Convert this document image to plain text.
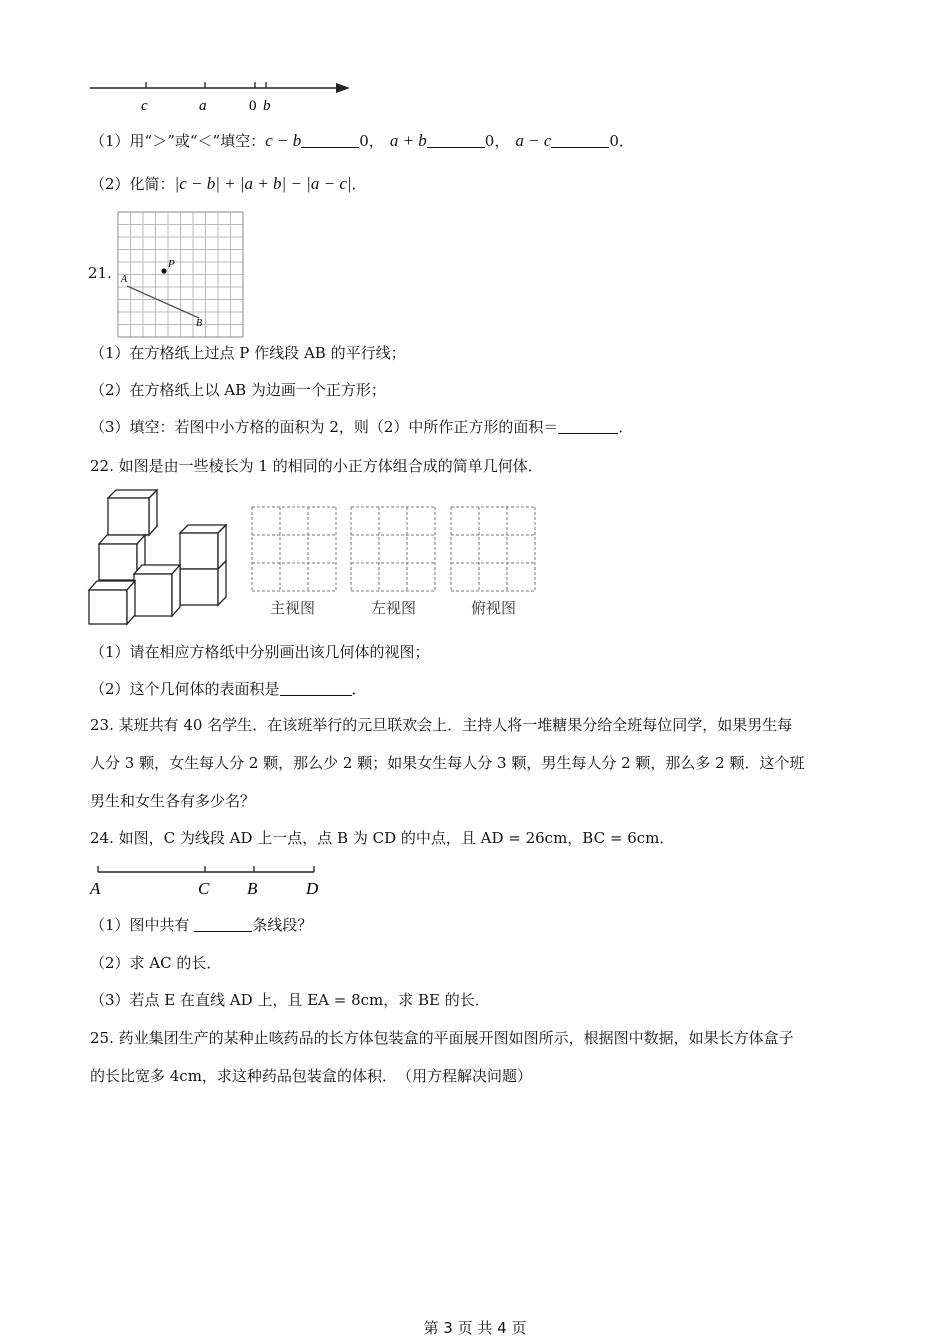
c	a	0 b
（1）用“＞”或“＜”填空：c − b	0， a + b	0， a − c	0．
（2）化简：|c − b| + |a + b| − |a − c|．
21.	P
A
B
（1）在方格纸上过点 P 作线段 AB 的平行线；
（2）在方格纸上以 AB 为边画一个正方形；
（3）填空：若图中小方格的面积为 2，则（2）中所作正方形的面积＝	．
22. 如图是由一些棱长为 1 的相同的小正方体组合成的简单几何体．
主视图	左视图	俯视图
（1）请在相应方格纸中分别画出该几何体的视图；
（2）这个几何体的表面积是	．
23. 某班共有 40 名学生．在该班举行的元旦联欢会上．主持人将一堆糖果分给全班每位同学，如果男生每
人分 3 颗，女生每人分 2 颗，那么少 2 颗；如果女生每人分 3 颗，男生每人分 2 颗，那么多 2 颗．这个班
男生和女生各有多少名？
24. 如图，C 为线段 AD 上一点，点 B 为 CD 的中点，且 AD = 26cm，BC = 6cm．
A	C B	D
（1）图中共有	条线段？
（2）求 AC 的长．
（3）若点 E 在直线 AD 上，且 EA = 8cm，求 BE 的长．
25. 药业集团生产的某种止咳药品的长方体包装盒的平面展开图如图所示，根据图中数据，如果长方体盒子
的长比宽多 4cm，求这种药品包装盒的体积．　（用方程解决问题）
第 3 页 共 4 页
